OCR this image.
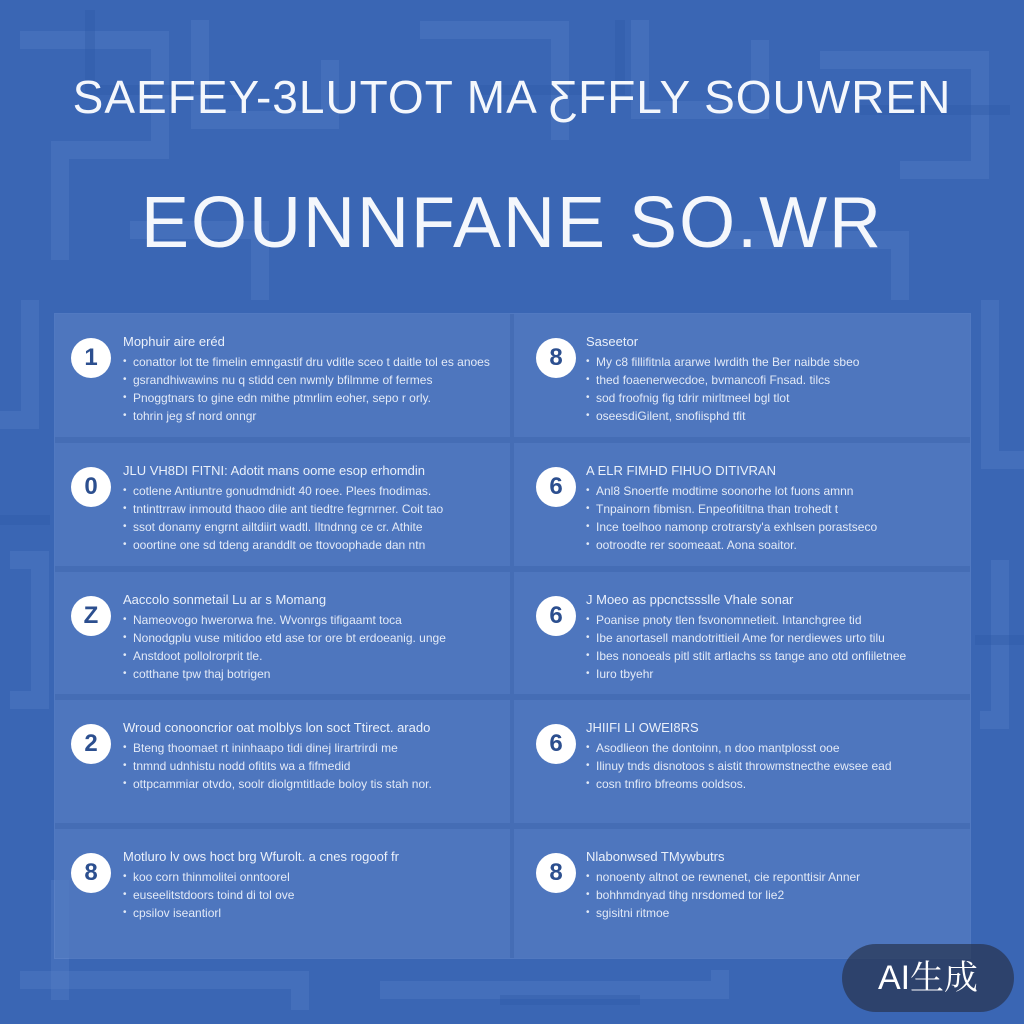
SAEFEY-3LUTOT MA ƸFFLY SOUWREN
EOUNNFANE SO.WR
1
Mophuir aire eréd
• conattor lot tte fimelin emngastif dru vditle sceo t daitle tol es anoes
• gsrandhiwawins nu q stidd cen nwmly bfilmme of fermes
• Pnoggtnars to gine edn mithe ptmrlim eoher, sepo r orly.
• tohrin jeg sf nord onngr
8
Saseetor
• My c8 fillifitnla ararwe lwrdith the Ber naibde sbeo
• thed foaenerwecdoe, bvmancofi Fnsad. tilcs
• sod froofnig fig tdrir mirltmeel bgl tlot
• oseesdiGilent, snofiisphd tfit
0
JLU VH8DI FITNI: Adotit mans oome esop erhomdin
• cotlene Antiuntre gonudmdnidt 40 roee. Plees fnodimas.
• tntinttrraw inmoutd thaoo dile ant tiedtre fegrnrner. Coit tao
• ssot donamy engrnt ailtdiirt wadtl. Iltndnng ce cr. Athite
• ooortine one sd tdeng aranddlt oe ttovoophade dan ntn
6
A ELR FIMHD FIHUO DITIVRAN
• Anl8 Snoertfe modtime soonorhe lot fuons amnn
• Tnpainorn fibmisn. Enpeofitiltna than trohedt t
• Ince toelhoo namonp crotrarsty'a exhlsen porastseco
• ootroodte rer soomeaat. Aona soaitor.
Z
Aaccolo sonmetail Lu ar s Momang
• Nameovogo hwerorwa fne. Wvonrgs tifigaamt toca
• Nonodgplu vuse mitidoo etd ase tor ore bt erdoeanig. unge
• Anstdoot pollolrorprit tle.
• cotthane tpw thaj botrigen
6
J Moeo as ppcnctssslle Vhale sonar
• Poanise pnoty tlen fsvonomnetieit. Intanchgree tid
• Ibe anortasell mandotrittieil Ame for nerdiewes urto tilu
• Ibes nonoeals pitl stilt artlachs ss tange ano otd onfiiletnee
• Iuro tbyehr
2
Wroud conooncrior oat molblys lon soct Ttirect. arado
• Bteng thoomaet rt ininhaapo tidi dinej lirartrirdi me
• tnmnd udnhistu nodd ofitits wa a fifmedid
• ottpcammiar otvdo, soolr diolgmtitlade boloy tis stah nor.
6
JHIIFI LI OWEI8RS
• Asodlieon the dontoinn, n doo mantplosst ooe
• Ilinuy tnds disnotoos s aistit throwmstnecthe ewsee ead
• cosn tnfiro bfreoms ooldsos.
8
Motluro lv ows hoct brg Wfurolt. a cnes rogoof fr
• koo corn thinmolitei onntoorel
• euseelitstdoors toind di tol ove
• cpsilov iseantiorl
8
Nlabonwsed TMywbutrs
• nonoenty altnot oe rewnenet, cie reponttisir Anner
• bohhmdnyad tihg nrsdomed tor lie2
• sgisitni ritmoe
AI生成
